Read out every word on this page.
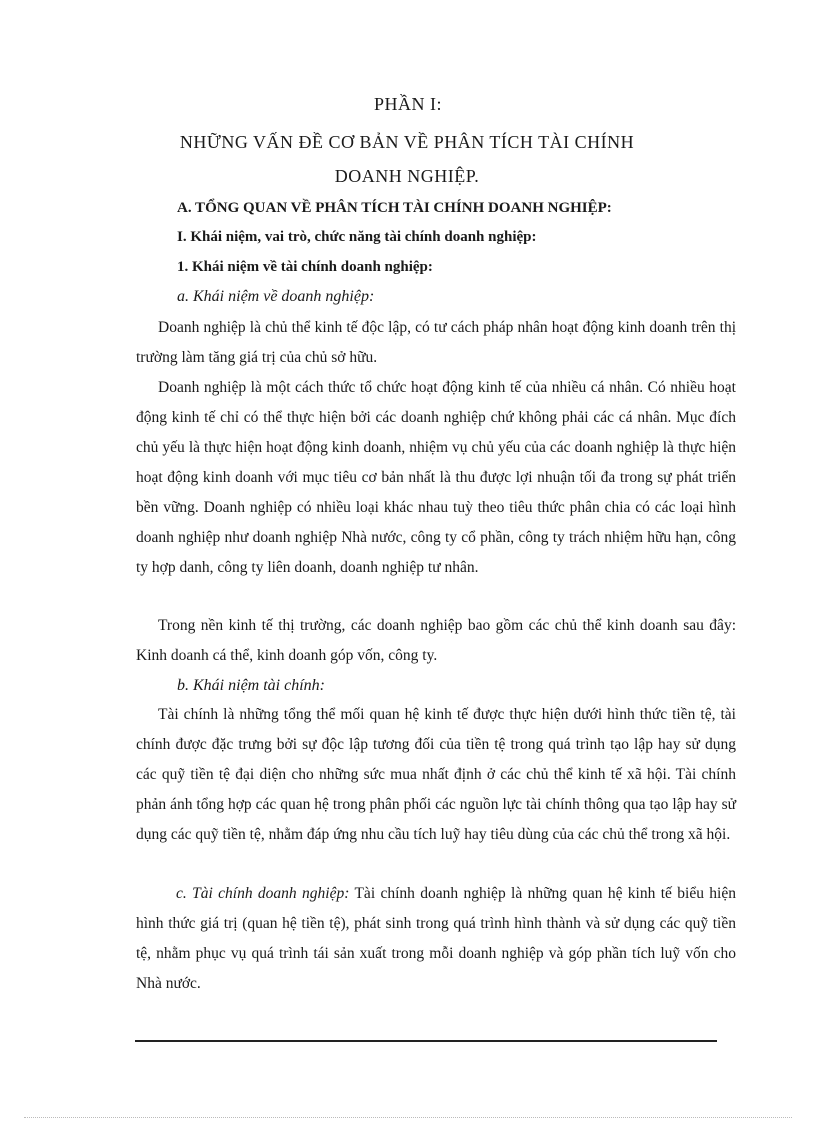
PHẦN I:
NHỮNG VẤN ĐỀ CƠ BẢN VỀ PHÂN TÍCH TÀI CHÍNH
DOANH NGHIỆP.
A. TỔNG QUAN VỀ PHÂN TÍCH TÀI CHÍNH DOANH NGHIỆP:
I. Khái niệm, vai trò, chức năng tài chính doanh nghiệp:
1. Khái niệm về tài chính doanh nghiệp:
a. Khái niệm về doanh nghiệp:

Doanh nghiệp là chủ thể kinh tế độc lập, có tư cách pháp nhân hoạt động kinh doanh trên thị trường làm tăng giá trị của chủ sở hữu.

Doanh nghiệp là một cách thức tổ chức hoạt động kinh tế của nhiều cá nhân. Có nhiều hoạt động kinh tế chỉ có thể thực hiện bởi các doanh nghiệp chứ không phải các cá nhân. Mục đích chủ yếu là thực hiện hoạt động kinh doanh, nhiệm vụ chủ yếu của các doanh nghiệp là thực hiện hoạt động kinh doanh với mục tiêu cơ bản nhất là thu được lợi nhuận tối đa trong sự phát triển bền vững. Doanh nghiệp có nhiều loại khác nhau tuỳ theo tiêu thức phân chia có các loại hình doanh nghiệp như doanh nghiệp Nhà nước, công ty cổ phần, công ty trách nhiệm hữu hạn, công ty hợp danh, công ty liên doanh, doanh nghiệp tư nhân.

Trong nền kinh tế thị trường, các doanh nghiệp bao gồm các chủ thể kinh doanh sau đây: Kinh doanh cá thể, kinh doanh góp vốn, công ty.

b. Khái niệm tài chính:

Tài chính là những tổng thể mối quan hệ kinh tế được thực hiện dưới hình thức tiền tệ, tài chính được đặc trưng bởi sự độc lập tương đối của tiền tệ trong quá trình tạo lập hay sử dụng các quỹ tiền tệ đại diện cho những sức mua nhất định ở các chủ thể kinh tế xã hội. Tài chính phản ánh tổng hợp các quan hệ trong phân phối các nguồn lực tài chính thông qua tạo lập hay sử dụng các quỹ tiền tệ, nhằm đáp ứng nhu cầu tích luỹ hay tiêu dùng của các chủ thể trong xã hội.

c. Tài chính doanh nghiệp: Tài chính doanh nghiệp là những quan hệ kinh tế biểu hiện hình thức giá trị (quan hệ tiền tệ), phát sinh trong quá trình hình thành và sử dụng các quỹ tiền tệ, nhằm phục vụ quá trình tái sản xuất trong mỗi doanh nghiệp và góp phần tích luỹ vốn cho Nhà nước.
